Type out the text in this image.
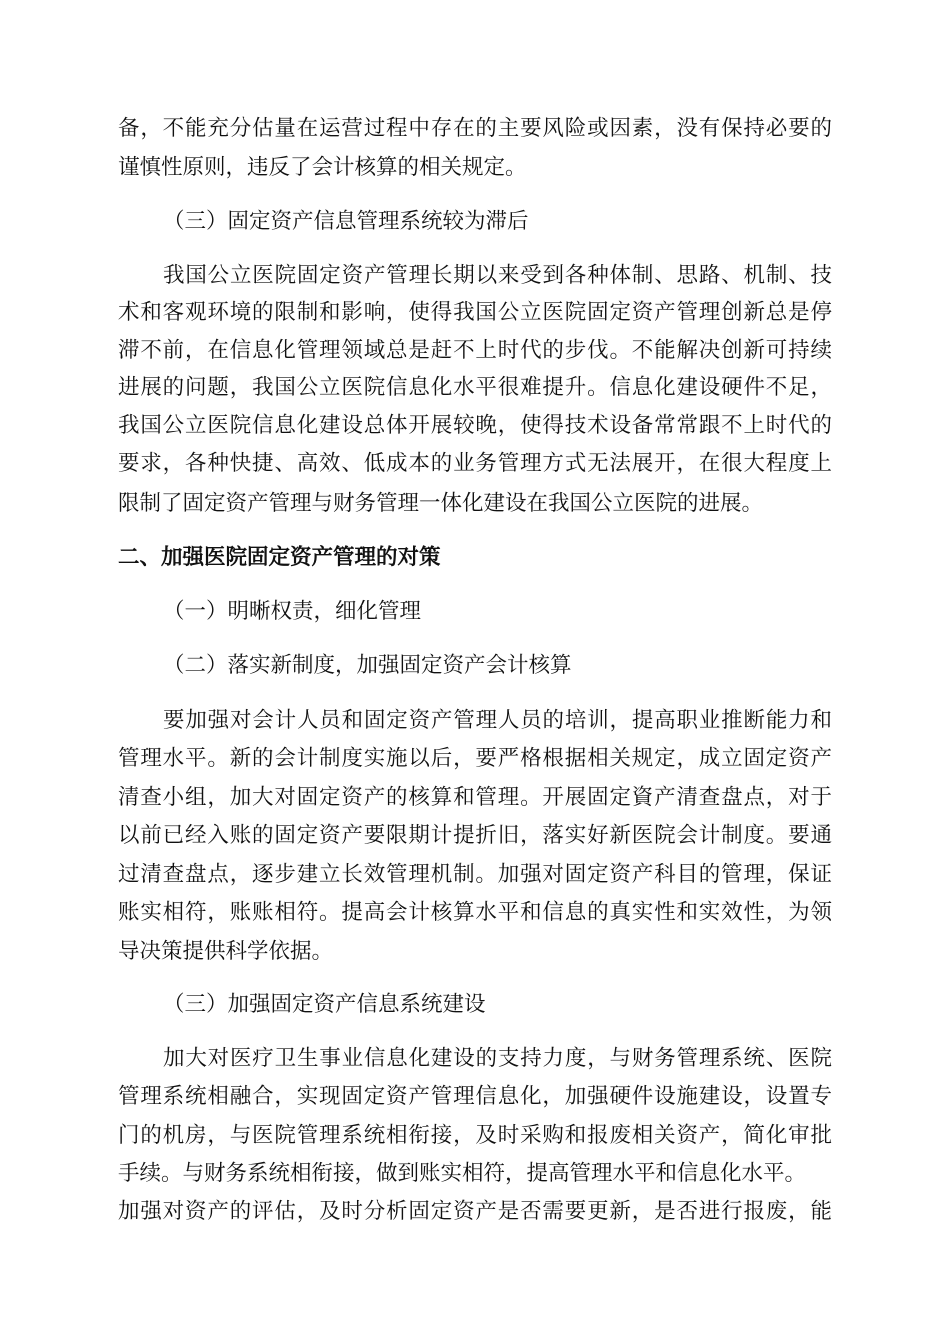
备，不能充分估量在运营过程中存在的主要风险或因素，没有保持必要的
谨慎性原则，违反了会计核算的相关规定。
（三）固定资产信息管理系统较为滞后
我国公立医院固定资产管理长期以来受到各种体制、思路、机制、技
术和客观环境的限制和影响，使得我国公立医院固定资产管理创新总是停
滞不前，在信息化管理领域总是赶不上时代的步伐。不能解决创新可持续
进展的问题，我国公立医院信息化水平很难提升。信息化建设硬件不足，
我国公立医院信息化建设总体开展较晚，使得技术设备常常跟不上时代的
要求，各种快捷、高效、低成本的业务管理方式无法展开，在很大程度上
限制了固定资产管理与财务管理一体化建设在我国公立医院的进展。
二、加强医院固定资产管理的对策
（一）明晰权责，细化管理
（二）落实新制度，加强固定资产会计核算
要加强对会计人员和固定资产管理人员的培训，提高职业推断能力和
管理水平。新的会计制度实施以后，要严格根据相关规定，成立固定资产
清查小组，加大对固定资产的核算和管理。开展固定資产清查盘点，对于
以前已经入账的固定资产要限期计提折旧，落实好新医院会计制度。要通
过清查盘点，逐步建立长效管理机制。加强对固定资产科目的管理，保证
账实相符，账账相符。提高会计核算水平和信息的真实性和实效性，为领
导决策提供科学依据。
（三）加强固定资产信息系统建设
加大对医疗卫生事业信息化建设的支持力度，与财务管理系统、医院
管理系统相融合，实现固定资产管理信息化，加强硬件设施建设，设置专
门的机房，与医院管理系统相衔接，及时采购和报废相关资产，简化审批
手续。与财务系统相衔接，做到账实相符，提高管理水平和信息化水平。
加强对资产的评估，及时分析固定资产是否需要更新，是否进行报废，能
